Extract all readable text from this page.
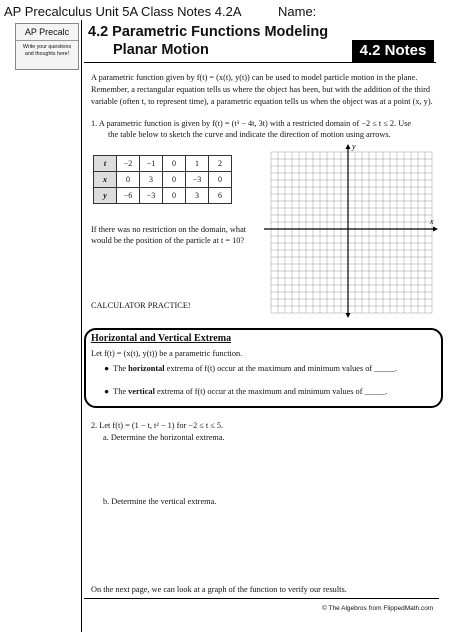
AP Precalculus Unit 5A Class Notes 4.2A	Name:
AP Precalc
Write your questions and thoughts here!
4.2 Parametric Functions Modeling
Planar Motion	4.2 Notes
A parametric function given by f(t) = (x(t), y(t)) can be used to model particle motion in the plane.
Remember, a rectangular equation tells us where the object has been, but with the addition of the third
variable (often t, to represent time), a parametric equation tells us when the object was at a point (x, y).
1. A parametric function is given by f(t) = (t³ − 4t, 3t) with a restricted domain of −2 ≤ t ≤ 2. Use
the table below to sketch the curve and indicate the direction of motion using arrows.
t	−2	−1	0	1	2
x	0	3	0	−3	0
y	−6	−3	0	3	6
If there was no restriction on the domain, what
would be the position of the particle at t = 10?
CALCULATOR PRACTICE!
x
y
Horizontal and Vertical Extrema
Let f(t) = (x(t), y(t)) be a parametric function.
●  The horizontal extrema of f(t) occur at the maximum and minimum values of _____.
●  The vertical extrema of f(t) occur at the maximum and minimum values of _____.
2. Let f(t) = (1 − t, t² − 1) for −2 ≤ t ≤ 5.
a. Determine the horizontal extrema.
b. Determine the vertical extrema.
On the next page, we can look at a graph of the function to verify our results.
© The Algebros from FlippedMath.com
